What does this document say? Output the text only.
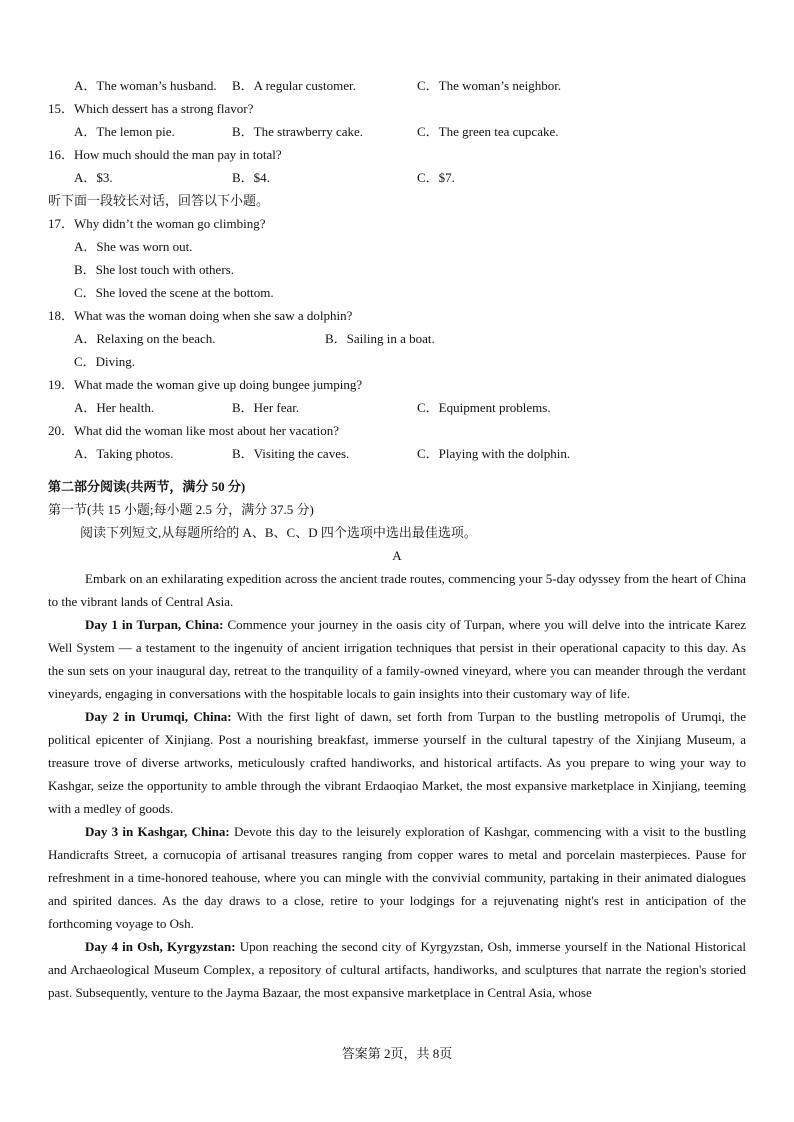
A．The woman’s husband. B．A regular customer.	C．The woman’s neighbor.
15．Which dessert has a strong flavor?
A．The lemon pie.	B．The strawberry cake.	C．The green tea cupcake.
16．How much should the man pay in total?
A．$3.	B．$4.	C．$7.
听下面一段较长对话，回答以下小题。
17．Why didn’t the woman go climbing?
A．She was worn out.
B．She lost touch with others.
C．She loved the scene at the bottom.
18．What was the woman doing when she saw a dolphin?
A．Relaxing on the beach.	B．Sailing in a boat.
C．Diving.
19．What made the woman give up doing bungee jumping?
A．Her health.	B．Her fear.	C．Equipment problems.
20．What did the woman like most about her vacation?
A．Taking photos.	B．Visiting the caves.	C．Playing with the dolphin.
第二部分阅读(共两节，满分 50 分)
第一节(共 15 小题;每小题 2.5 分，满分 37.5 分)
阅读下列短文,从每题所给的 A、B、C、D 四个选项中选出最佳选项。
A

Embark on an exhilarating expedition across the ancient trade routes, commencing your 5-day odyssey from the heart of China to the vibrant lands of Central Asia.

Day 1 in Turpan, China: Commence your journey in the oasis city of Turpan, where you will delve into the intricate Karez Well System — a testament to the ingenuity of ancient irrigation techniques that persist in their operational capacity to this day. As the sun sets on your inaugural day, retreat to the tranquility of a family-owned vineyard, where you can meander through the verdant vineyards, engaging in conversations with the hospitable locals to gain insights into their customary way of life.

Day 2 in Urumqi, China: With the first light of dawn, set forth from Turpan to the bustling metropolis of Urumqi, the political epicenter of Xinjiang. Post a nourishing breakfast, immerse yourself in the cultural tapestry of the Xinjiang Museum, a treasure trove of diverse artworks, meticulously crafted handiworks, and historical artifacts. As you prepare to wing your way to Kashgar, seize the opportunity to amble through the vibrant Erdaoqiao Market, the most expansive marketplace in Xinjiang, teeming with a medley of goods.

Day 3 in Kashgar, China: Devote this day to the leisurely exploration of Kashgar, commencing with a visit to the bustling Handicrafts Street, a cornucopia of artisanal treasures ranging from copper wares to metal and porcelain masterpieces. Pause for refreshment in a time-honored teahouse, where you can mingle with the convivial community, partaking in their animated dialogues and spirited dances. As the day draws to a close, retire to your lodgings for a rejuvenating night's rest in anticipation of the forthcoming voyage to Osh.

Day 4 in Osh, Kyrgyzstan: Upon reaching the second city of Kyrgyzstan, Osh, immerse yourself in the National Historical and Archaeological Museum Complex, a repository of cultural artifacts, handiworks, and sculptures that narrate the region's storied past. Subsequently, venture to the Jayma Bazaar, the most expansive marketplace in Central Asia, whose

答案第 2页，共 8页
